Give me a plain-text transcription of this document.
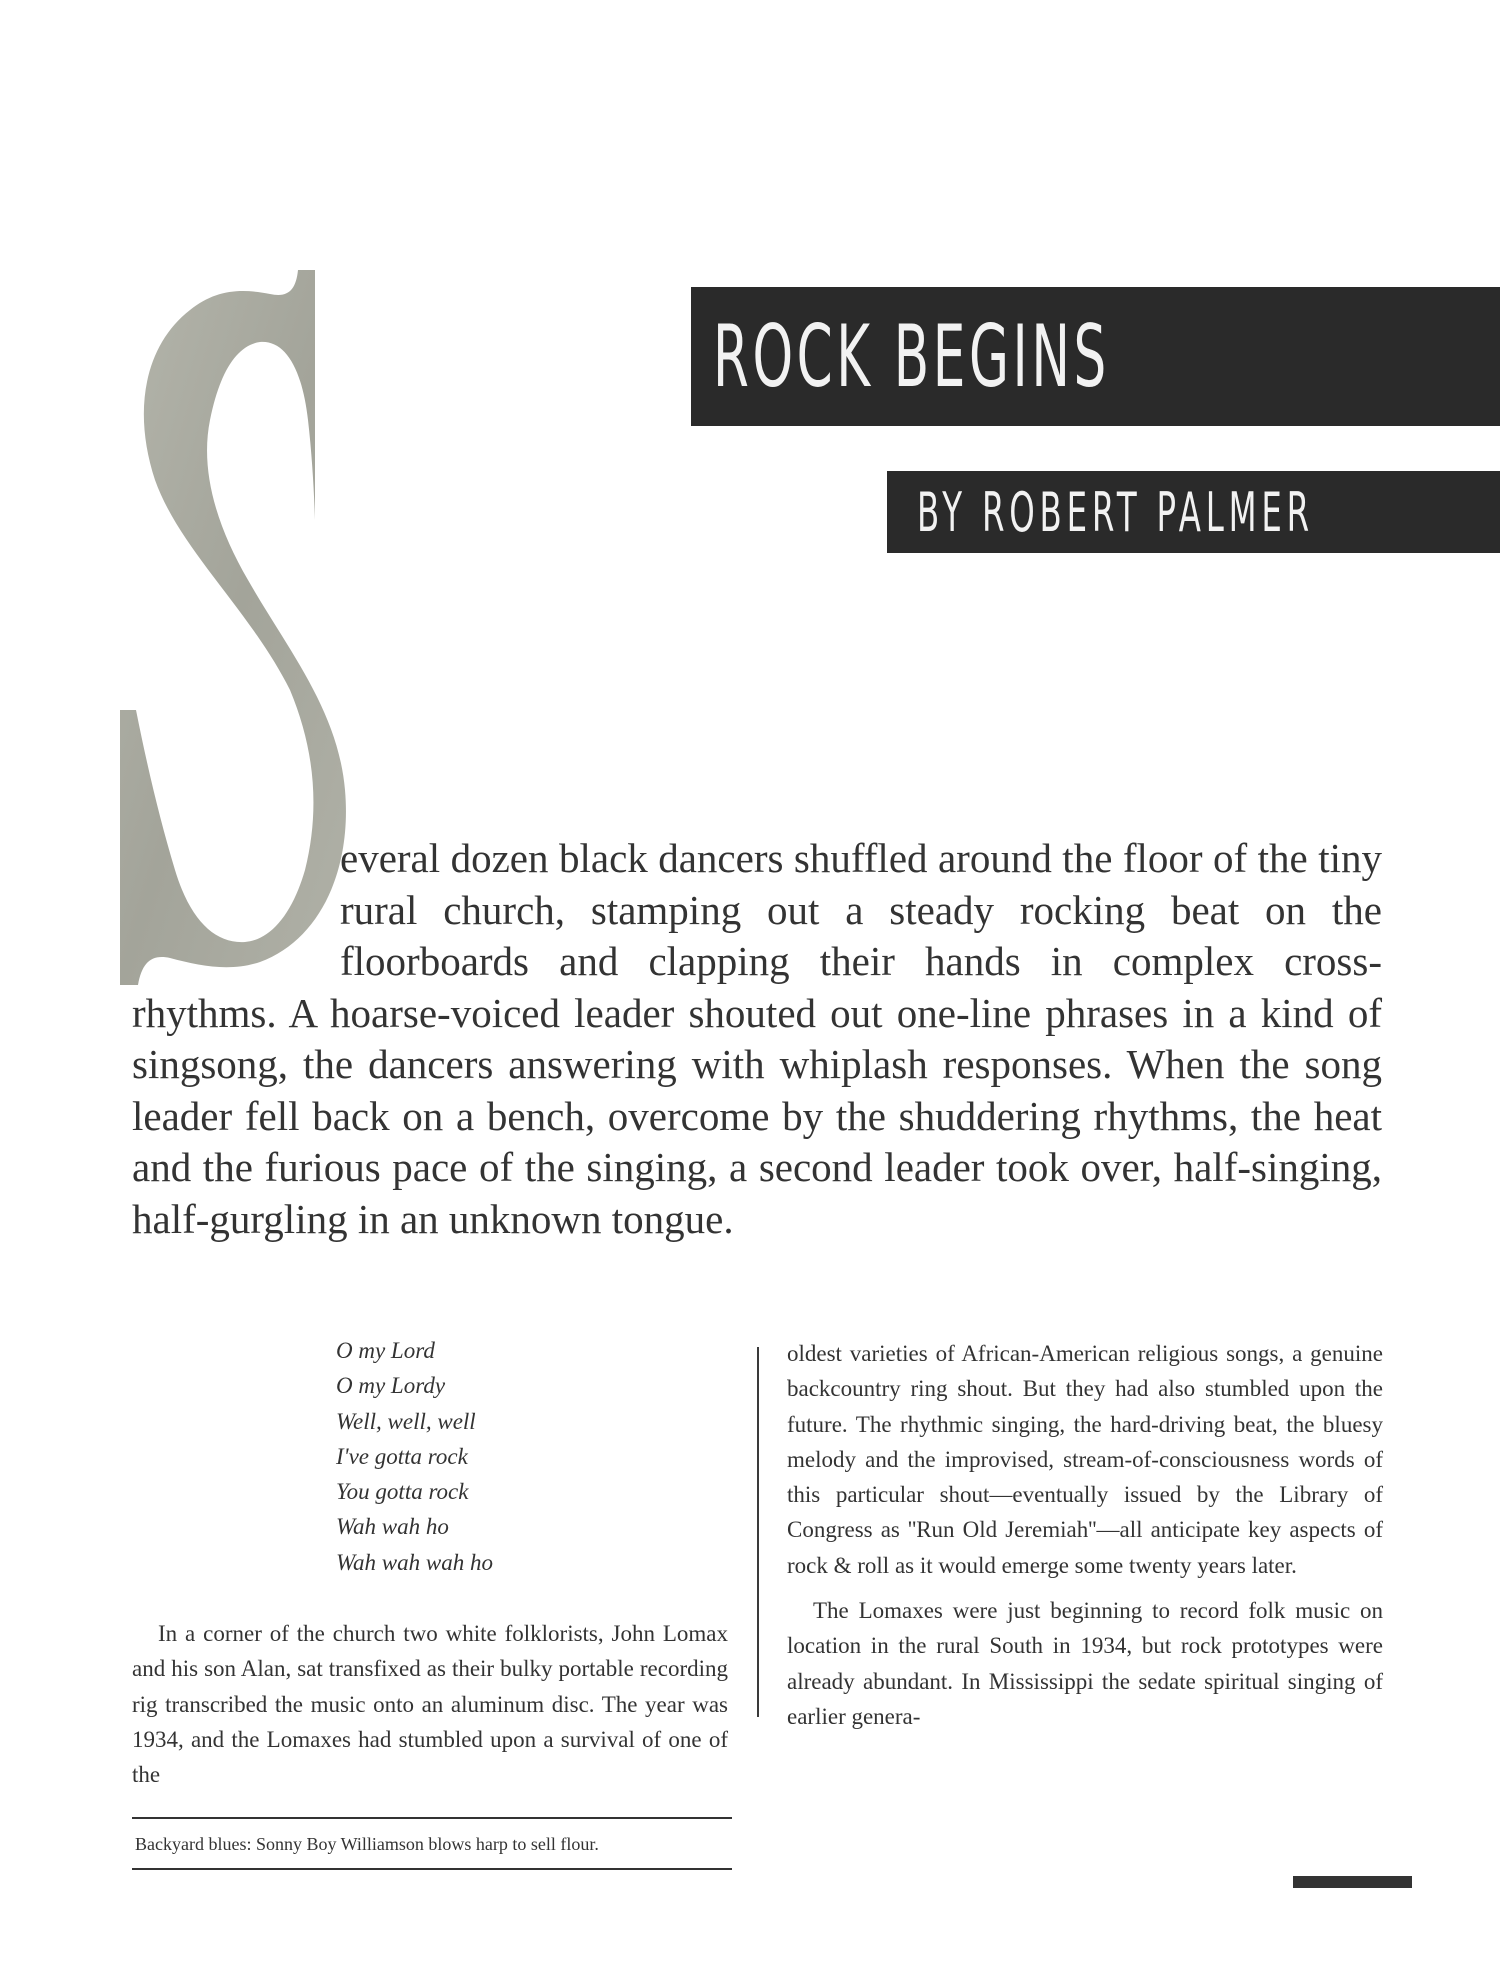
ROCK BEGINS
BY ROBERT PALMER
everal dozen black dancers shuffled around the floor of the tiny rural church, stamping out a steady rocking beat on the floorboards and clapping their hands in complex cross-rhythms. A hoarse-voiced leader shouted out one-line phrases in a kind of singsong, the dancers answering with whiplash responses. When the song leader fell back on a bench, overcome by the shuddering rhythms, the heat and the furious pace of the singing, a second leader took over, half-singing, half-gurgling in an unknown tongue.
O my Lord
O my Lordy
Well, well, well
I've gotta rock
You gotta rock
Wah wah ho
Wah wah wah ho

In a corner of the church two white folklorists, John Lomax and his son Alan, sat transfixed as their bulky portable recording rig transcribed the music onto an aluminum disc. The year was 1934, and the Lomaxes had stumbled upon a survival of one of the

oldest varieties of African-American religious songs, a genuine backcountry ring shout. But they had also stumbled upon the future. The rhythmic singing, the hard-driving beat, the bluesy melody and the improvised, stream-of-consciousness words of this particular shout—eventually issued by the Library of Congress as ''Run Old Jeremiah''—all anticipate key aspects of rock & roll as it would emerge some twenty years later.

The Lomaxes were just beginning to record folk music on location in the rural South in 1934, but rock prototypes were already abundant. In Mississippi the sedate spiritual singing of earlier genera-

Backyard blues: Sonny Boy Williamson blows harp to sell flour.
